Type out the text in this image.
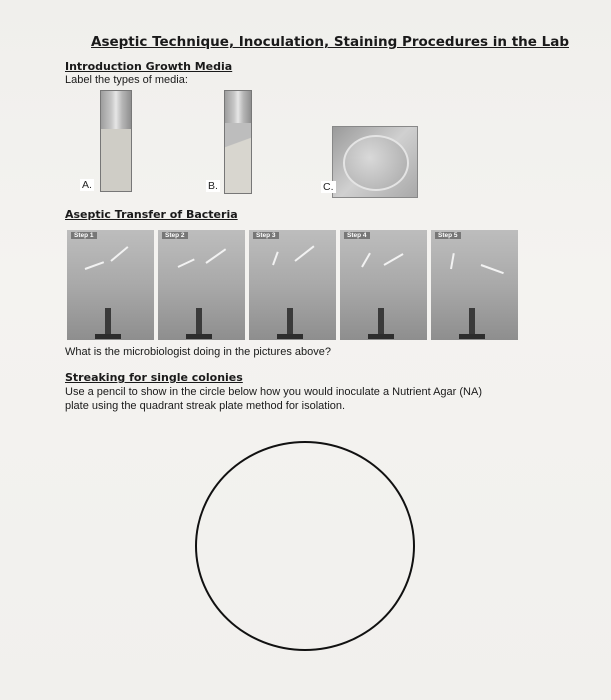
Aseptic Technique, Inoculation, Staining Procedures in the Lab
Introduction Growth Media
Label the types of media:
A.	B.	C.
Aseptic Transfer of Bacteria
Step 1	Step 2	Step 3	Step 4	Step 5
What is the microbiologist doing in the pictures above?
Streaking for single colonies
Use a pencil to show in the circle below how you would inoculate a Nutrient Agar (NA)
plate using the quadrant streak plate method for isolation.
